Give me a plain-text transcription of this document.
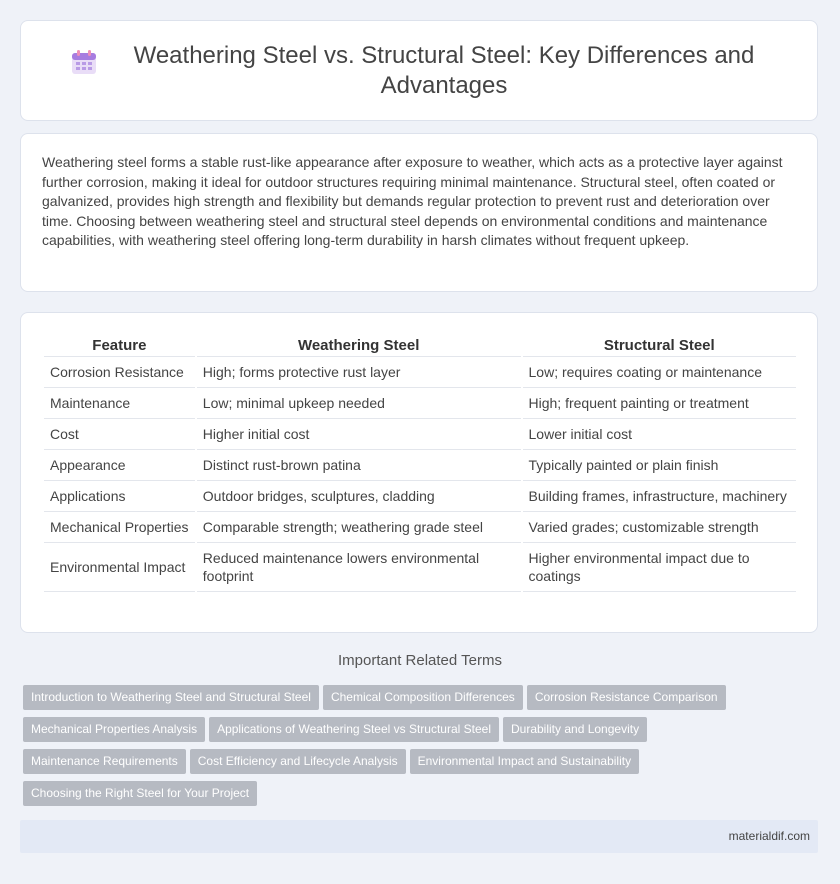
Weathering Steel vs. Structural Steel: Key Differences and Advantages

Weathering steel forms a stable rust-like appearance after exposure to weather, which acts as a protective layer against further corrosion, making it ideal for outdoor structures requiring minimal maintenance. Structural steel, often coated or galvanized, provides high strength and flexibility but demands regular protection to prevent rust and deterioration over time. Choosing between weathering steel and structural steel depends on environmental conditions and maintenance capabilities, with weathering steel offering long-term durability in harsh climates without frequent upkeep.

Feature	Weathering Steel	Structural Steel
Corrosion Resistance	High; forms protective rust layer	Low; requires coating or maintenance
Maintenance	Low; minimal upkeep needed	High; frequent painting or treatment
Cost	Higher initial cost	Lower initial cost
Appearance	Distinct rust-brown patina	Typically painted or plain finish
Applications	Outdoor bridges, sculptures, cladding	Building frames, infrastructure, machinery
Mechanical Properties	Comparable strength; weathering grade steel	Varied grades; customizable strength
Environmental Impact	Reduced maintenance lowers environmental footprint	Higher environmental impact due to coatings
Important Related Terms
Introduction to Weathering Steel and Structural Steel Chemical Composition Differences Corrosion Resistance Comparison
Mechanical Properties Analysis Applications of Weathering Steel vs Structural Steel Durability and Longevity
Maintenance Requirements Cost Efficiency and Lifecycle Analysis Environmental Impact and Sustainability
Choosing the Right Steel for Your Project
materialdif.com
